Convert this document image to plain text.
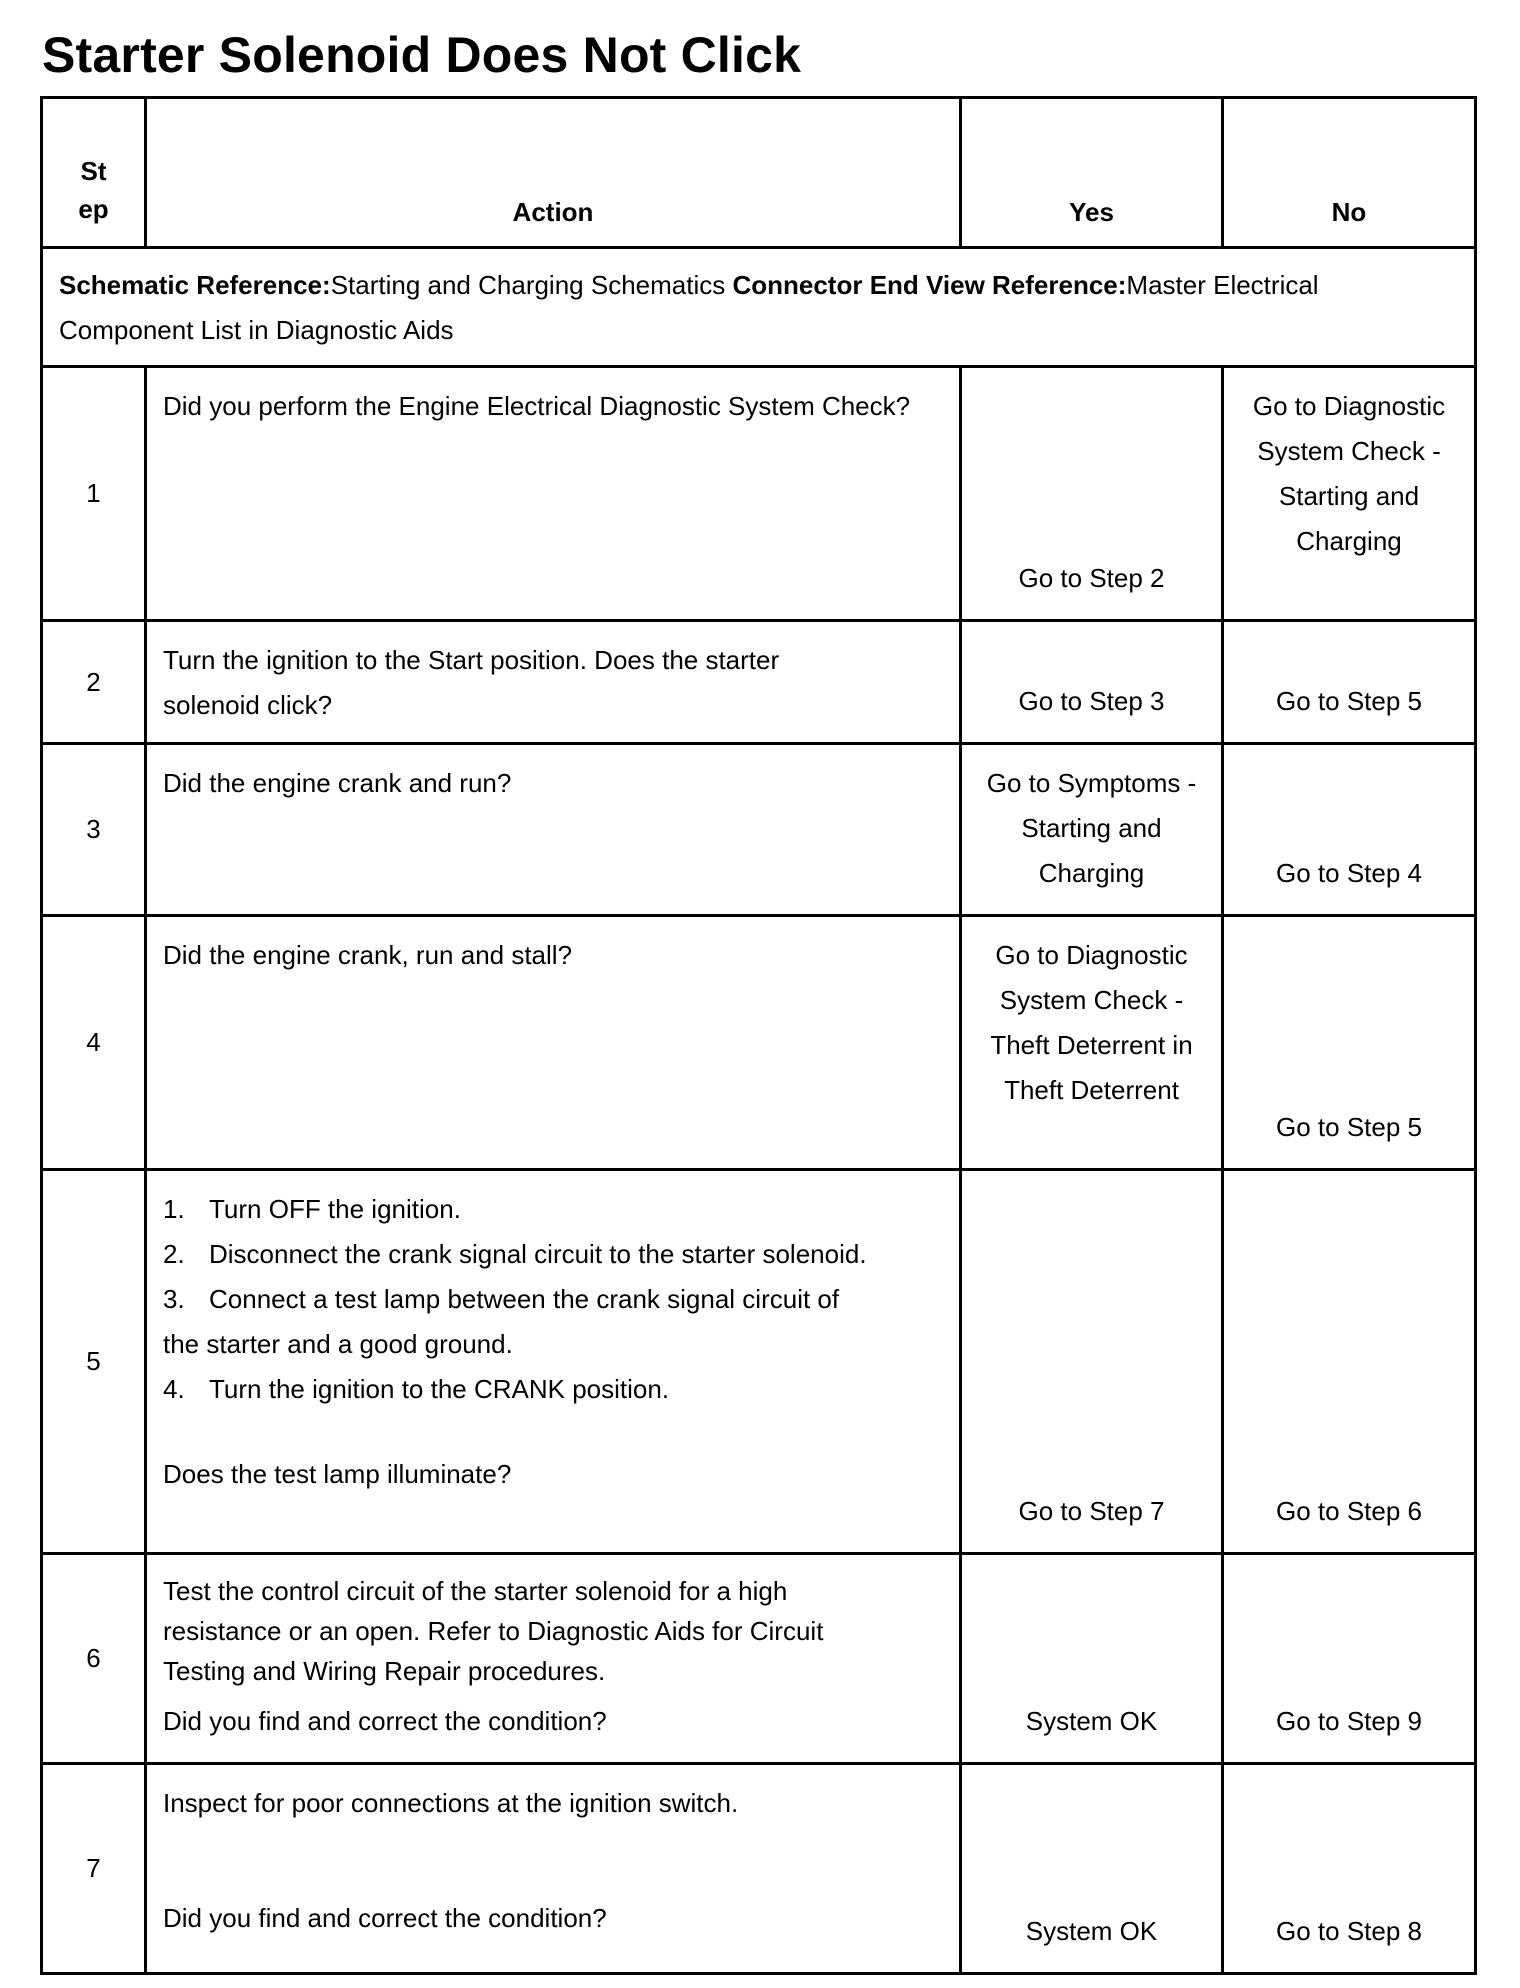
Starter Solenoid Does Not Click
St ep	Action	Yes	No
Schematic Reference:Starting and Charging Schematics Connector End View Reference:Master Electrical Component List in Diagnostic Aids			
1	Did you perform the Engine Electrical Diagnostic System Check?	Go to Step 2	Go to Diagnostic System Check - Starting and Charging
2	Turn the ignition to the Start position. Does the starter solenoid click?	Go to Step 3	Go to Step 5
3	Did the engine crank and run?	Go to Symptoms - Starting and Charging	Go to Step 4
4	Did the engine crank, run and stall?	Go to Diagnostic System Check - Theft Deterrent in Theft Deterrent	Go to Step 5
5	1. Turn OFF the ignition.
2. Disconnect the crank signal circuit to the starter solenoid.
3. Connect a test lamp between the crank signal circuit of the starter and a good ground.
4. Turn the ignition to the CRANK position.
Does the test lamp illuminate?	Go to Step 7	Go to Step 6
6	Test the control circuit of the starter solenoid for a high resistance or an open. Refer to Diagnostic Aids for Circuit Testing and Wiring Repair procedures.
Did you find and correct the condition?	System OK	Go to Step 9
7	Inspect for poor connections at the ignition switch.
Did you find and correct the condition?	System OK	Go to Step 8
